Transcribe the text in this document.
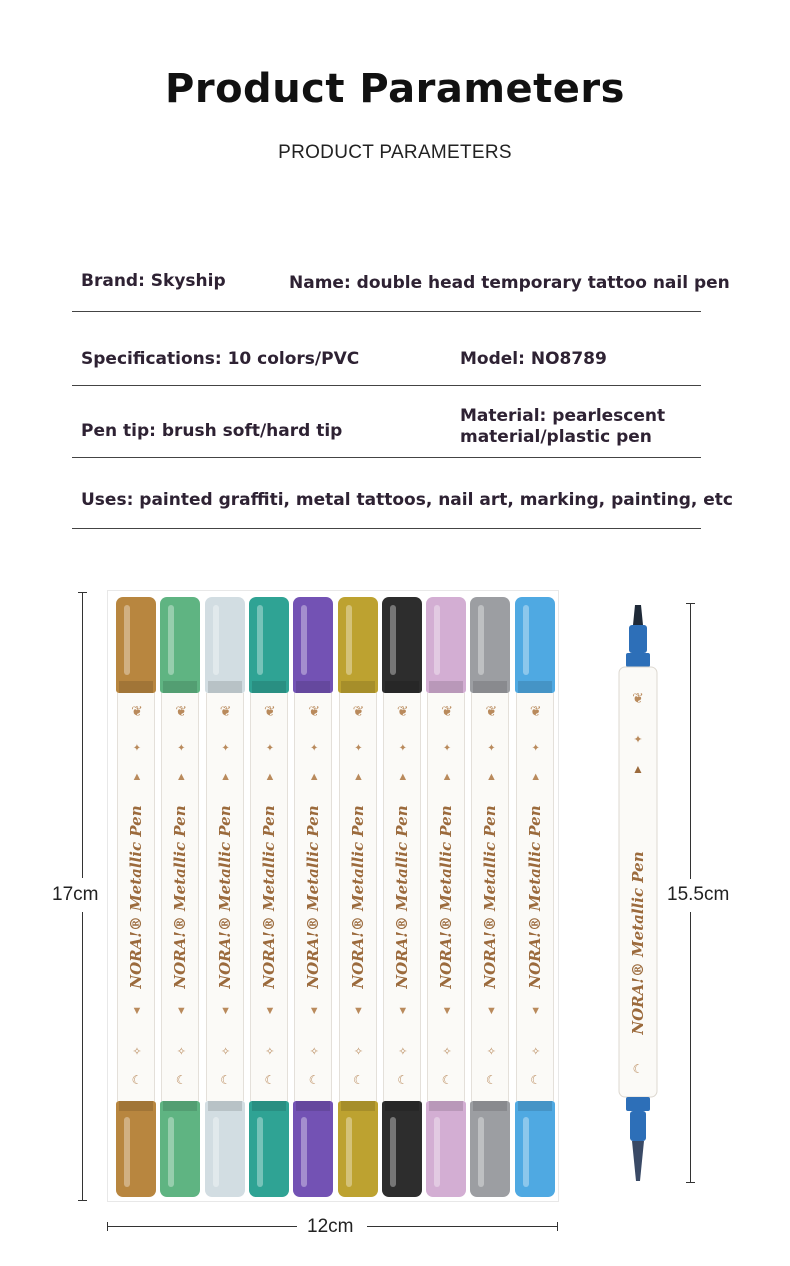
Product Parameters
PRODUCT PARAMETERS
Brand: Skyship	Name: double head temporary tattoo nail pen
Specifications: 10 colors/PVC	Model: NO8789
Pen tip: brush soft/hard tip
Material: pearlescent
material/plastic pen
Uses: painted graffiti, metal tattoos, nail art, marking, painting, etc
17cm
12cm
15.5cm
❦
✦
▲
▼
✧
☾
NORA!® Metallic Pen
❦
✦
▲
▼
✧
☾
NORA!® Metallic Pen
❦
✦
▲
▼
✧
☾
NORA!® Metallic Pen
❦
✦
▲
▼
✧
☾
NORA!® Metallic Pen
❦
✦
▲
▼
✧
☾
NORA!® Metallic Pen
❦
✦
▲
▼
✧
☾
NORA!® Metallic Pen
❦
✦
▲
▼
✧
☾
NORA!® Metallic Pen
❦
✦
▲
▼
✧
☾
NORA!® Metallic Pen
❦
✦
▲
▼
✧
☾
NORA!® Metallic Pen
❦
✦
▲
▼
✧
☾
NORA!® Metallic Pen
❦
✦
▲
☾
NORA!® Metallic Pen
